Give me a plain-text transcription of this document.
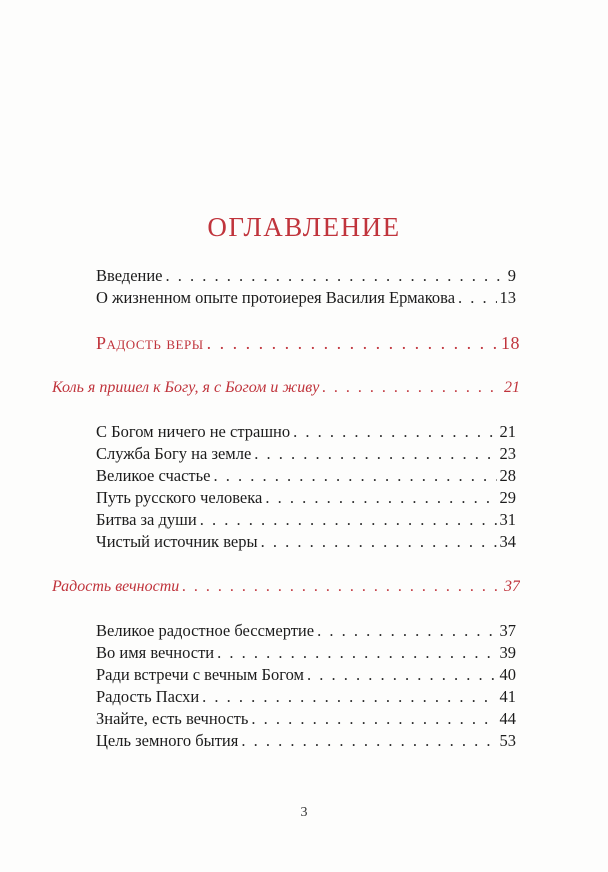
ОГЛАВЛЕНИЕ
Введение . . .	9
О жизненном опыте протоиерея Василия Ермакова . . .	13
Радость веры . . .	18
Коль я пришел к Богу, я с Богом и живу . . .	21
С Богом ничего не страшно . . .	21
Служба Богу на земле . . .	23
Великое счастье . . .	28
Путь русского человека . . .	29
Битва за души . . .	31
Чистый источник веры . . .	34
Радость вечности . . .	37
Великое радостное бессмертие . . .	37
Во имя вечности . . .	39
Ради встречи с вечным Богом . . .	40
Радость Пасхи . . .	41
Знайте, есть вечность . . .	44
Цель земного бытия . . .	53
3
